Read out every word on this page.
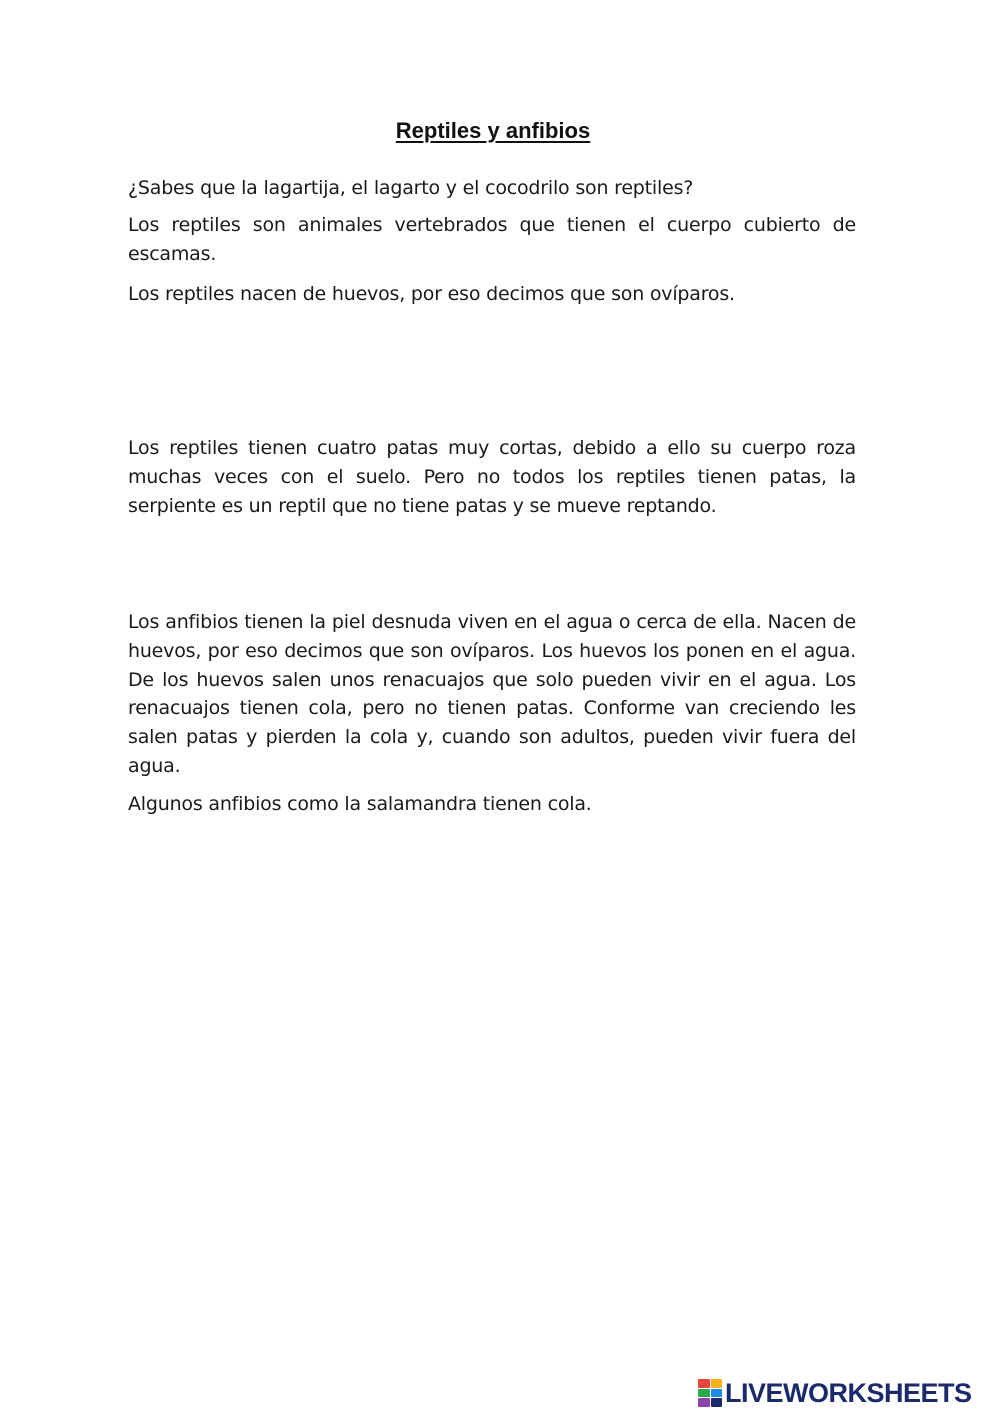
Reptiles y anfibios

¿Sabes que la lagartija, el lagarto y el cocodrilo son reptiles?

Los reptiles son animales vertebrados que tienen el cuerpo cubierto de escamas.

Los reptiles nacen de huevos, por eso decimos que son ovíparos.

Los reptiles tienen cuatro patas muy cortas, debido a ello su cuerpo roza muchas veces con el suelo. Pero no todos los reptiles tienen patas, la serpiente es un reptil que no tiene patas y se mueve reptando.

Los anfibios tienen la piel desnuda viven en el agua o cerca de ella. Nacen de huevos, por eso decimos que son ovíparos. Los huevos los ponen en el agua. De los huevos salen unos renacuajos que solo pueden vivir en el agua. Los renacuajos tienen cola, pero no tienen patas. Conforme van creciendo les salen patas y pierden la cola y, cuando son adultos, pueden vivir fuera del agua.

Algunos anfibios como la salamandra tienen cola.

LIVEWORKSHEETS
